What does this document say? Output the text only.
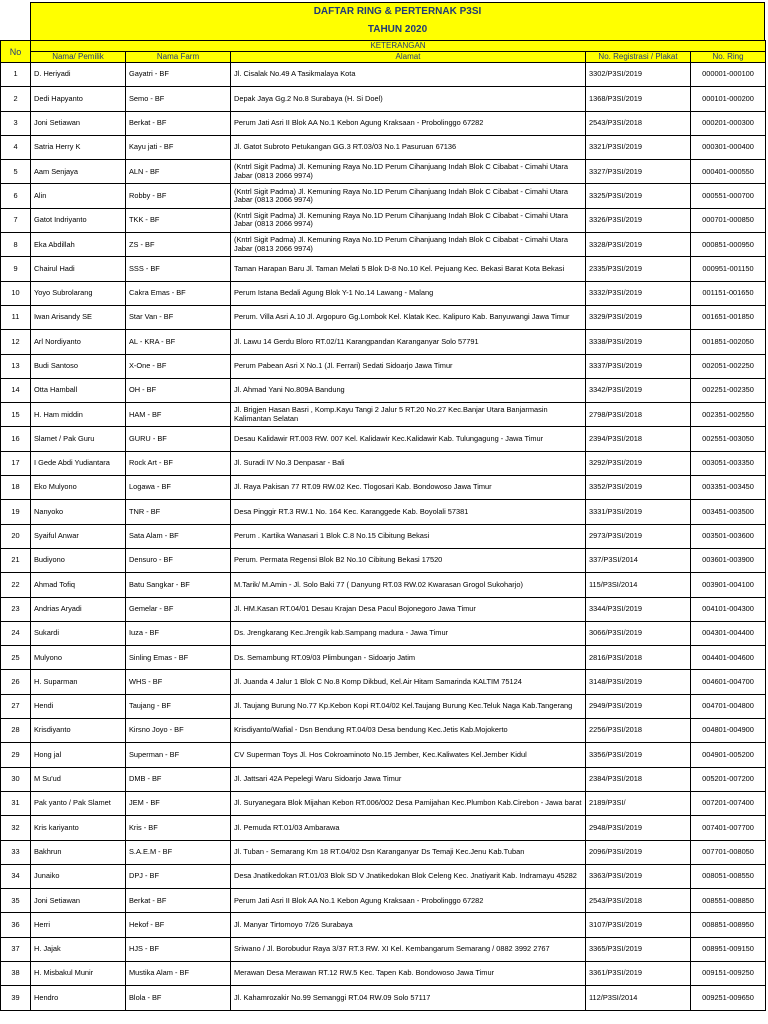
DAFTAR RING & PERTERNAK P3SI
TAHUN 2020
No	KETERANGAN				
	Nama/ Pemilik	Nama Farm	Alamat	No. Registrasi / Plakat	No. Ring
1	D. Heriyadi	Gayatri - BF	Jl. Cisalak No.49 A Tasikmalaya Kota	3302/P3SI/2019	000001-000100
2	Dedi Hapyanto	Semo - BF	Depak Jaya Gg.2 No.8 Surabaya (H. Si Doel)	1368/P3SI/2019	000101-000200
3	Joni Setiawan	Berkat - BF	Perum Jati Asri II Blok AA No.1 Kebon Agung Kraksaan - Probolinggo 67282	2543/P3SI/2018	000201-000300
4	Satria Herry K	Kayu jati - BF	Jl. Gatot Subroto Petukangan GG.3 RT.03/03 No.1 Pasuruan 67136	3321/P3SI/2019	000301-000400
5	Aam Senjaya	ALN - BF	(Kntrl Sigit Padma) Jl. Kemuning Raya No.1D Perum Cihanjuang Indah Blok C Cibabat - Cimahi Utara Jabar (0813 2066 9974)	3327/P3SI/2019	000401-000550
6	Alin	Robby - BF	(Kntrl Sigit Padma) Jl. Kemuning Raya No.1D Perum Cihanjuang Indah Blok C Cibabat - Cimahi Utara Jabar (0813 2066 9974)	3325/P3SI/2019	000551-000700
7	Gatot Indriyanto	TKK - BF	(Kntrl Sigit Padma) Jl. Kemuning Raya No.1D Perum Cihanjuang Indah Blok C Cibabat - Cimahi Utara Jabar (0813 2066 9974)	3326/P3SI/2019	000701-000850
8	Eka Abdillah	ZS - BF	(Kntrl Sigit Padma) Jl. Kemuning Raya No.1D Perum Cihanjuang Indah Blok C Cibabat - Cimahi Utara Jabar (0813 2066 9974)	3328/P3SI/2019	000851-000950
9	Chairul Hadi	SSS - BF	Taman Harapan Baru Jl. Taman Melati 5 Blok D-8 No.10 Kel. Pejuang Kec. Bekasi Barat Kota Bekasi	2335/P3SI/2019	000951-001150
10	Yoyo Subrolarang	Cakra Emas - BF	Perum Istana Bedali Agung Blok Y-1 No.14 Lawang - Malang	3332/P3SI/2019	001151-001650
11	Iwan Arisandy SE	Star Van - BF	Perum. Villa Asri A.10 Jl. Argopuro Gg.Lombok Kel. Klatak Kec. Kalipuro Kab. Banyuwangi Jawa Timur	3329/P3SI/2019	001651-001850
12	Arl Nordiyanto	AL - KRA - BF	Jl. Lawu 14 Gerdu Bloro RT.02/11 Karangpandan Karanganyar Solo 57791	3338/P3SI/2019	001851-002050
13	Budi Santoso	X-One - BF	Perum Pabean Asri X No.1 (Jl. Ferrari) Sedati Sidoarjo Jawa Timur	3337/P3SI/2019	002051-002250
14	Otta Hamball	OH - BF	Jl. Ahmad Yani No.809A Bandung	3342/P3SI/2019	002251-002350
15	H. Ham middin	HAM - BF	Jl. Brigjen Hasan Basri , Komp.Kayu Tangi 2 Jalur 5 RT.20 No.27 Kec.Banjar Utara Banjarmasin Kalimantan Selatan	2798/P3SI/2018	002351-002550
16	Slamet / Pak Guru	GURU - BF	Desau Kalidawir RT.003 RW. 007 Kel. Kalidawir Kec.Kalidawir Kab. Tulungagung - Jawa Timur	2394/P3SI/2018	002551-003050
17	I Gede Abdi Yudiantara	Rock Art - BF	Jl. Suradi IV No.3 Denpasar - Bali	3292/P3SI/2019	003051-003350
18	Eko Mulyono	Logawa - BF	Jl. Raya Pakisan 77 RT.09 RW.02 Kec. Tlogosari Kab. Bondowoso Jawa Timur	3352/P3SI/2019	003351-003450
19	Nanyoko	TNR - BF	Desa Pinggir RT.3 RW.1 No. 164 Kec. Karanggede Kab. Boyolali 57381	3331/P3SI/2019	003451-003500
20	Syaiful Anwar	Sata Alam - BF	Perum . Kartika Wanasari 1 Blok C.8 No.15 Cibitung Bekasi	2973/P3SI/2019	003501-003600
21	Budiyono	Densuro - BF	Perum. Permata Regensi Blok B2 No.10 Cibitung Bekasi 17520	337/P3SI/2014	003601-003900
22	Ahmad Tofiq	Batu Sangkar - BF	M.Tarik/ M.Amin - Jl. Solo Baki 77 ( Danyung RT.03 RW.02 Kwarasan Grogol Sukoharjo)	115/P3SI/2014	003901-004100
23	Andrias Aryadi	Gemelar - BF	Jl. HM.Kasan RT.04/01 Desau Krajan Desa Pacul Bojonegoro Jawa Timur	3344/P3SI/2019	004101-004300
24	Sukardi	Iuza - BF	Ds. Jrengkarang Kec.Jrengik kab.Sampang madura - Jawa Timur	3066/P3SI/2019	004301-004400
25	Mulyono	Sinling Emas - BF	Ds. Semambung RT.09/03 Plimbungan - Sidoarjo Jatim	2816/P3SI/2018	004401-004600
26	H. Suparman	WHS - BF	Jl. Juanda 4 Jalur 1 Blok C No.8 Komp Dikbud, Kel.Air Hitam Samarinda KALTIM 75124	3148/P3SI/2019	004601-004700
27	Hendi	Taujang - BF	Jl. Taujang Burung No.77 Kp.Kebon Kopi RT.04/02 Kel.Taujang Burung Kec.Teluk Naga Kab.Tangerang	2949/P3SI/2019	004701-004800
28	Krisdiyanto	Kirsno Joyo - BF	Krisdiyanto/Wafial - Dsn Bendung RT.04/03 Desa bendung Kec.Jetis Kab.Mojokerto	2256/P3SI/2018	004801-004900
29	Hong jal	Superman - BF	CV Superman Toys Jl. Hos Cokroaminoto No.15 Jember, Kec.Kaliwates Kel.Jember Kidul	3356/P3SI/2019	004901-005200
30	M Su'ud	DMB - BF	Jl. Jattsari 42A Pepelegi Waru Sidoarjo Jawa Timur	2384/P3SI/2018	005201-007200
31	Pak yanto / Pak Slamet	JEM - BF	Jl. Suryanegara Blok Mijahan Kebon RT.006/002 Desa Pamijahan Kec.Plumbon Kab.Cirebon - Jawa barat	2189/P3SI/	007201-007400
32	Kris kariyanto	Kris - BF	Jl. Pemuda RT.01/03 Ambarawa	2948/P3SI/2019	007401-007700
33	Bakhrun	S.A.E.M - BF	Jl. Tuban - Semarang Km 18 RT.04/02 Dsn Karanganyar Ds Temaji Kec.Jenu Kab.Tuban	2096/P3SI/2019	007701-008050
34	Junaiko	DPJ - BF	Desa Jnatikedokan RT.01/03 Blok SD V Jnatikedokan Blok Celeng Kec. Jnatiyarit Kab. Indramayu 45282	3363/P3SI/2019	008051-008550
35	Joni Setiawan	Berkat - BF	Perum Jati Asri II Blok AA No.1 Kebon Agung Kraksaan - Probolinggo 67282	2543/P3SI/2018	008551-008850
36	Herri	Hekof - BF	Jl. Manyar Tirtomoyo 7/26 Surabaya	3107/P3SI/2019	008851-008950
37	H. Jajak	HJS - BF	Sriwano / Jl. Borobudur Raya 3/37 RT.3 RW. XI Kel. Kembangarum Semarang / 0882 3992 2767	3365/P3SI/2019	008951-009150
38	H. Misbakul Munir	Mustika Alam - BF	Merawan Desa Merawan RT.12 RW.5 Kec. Tapen Kab. Bondowoso Jawa Timur	3361/P3SI/2019	009151-009250
39	Hendro	Blola - BF	Jl. Kahamrozakir No.99 Semanggi RT.04 RW.09 Solo 57117	112/P3SI/2014	009251-009650
